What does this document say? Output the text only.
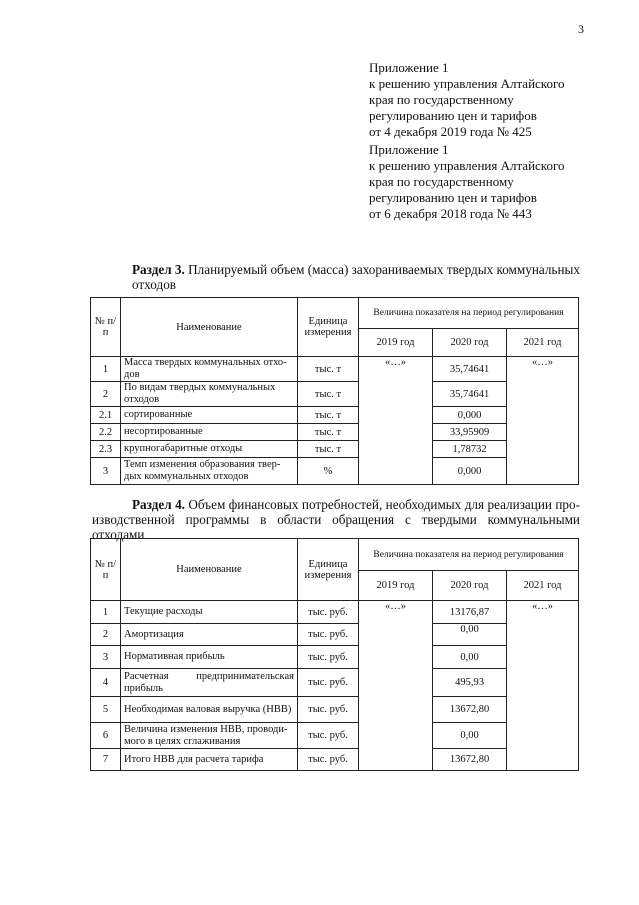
3
Приложение 1
к решению управления Алтайского
края по государственному
регулированию цен и тарифов
от 4 декабря 2019 года № 425
Приложение 1
к решению управления Алтайского
края по государственному
регулированию цен и тарифов
от 6 декабря 2018 года № 443
Раздел 3. Планируемый объем (масса) захораниваемых твердых коммунальных отходов
№ п/п	Наименование	Единица измерения	Величина показателя на период регулирования		
			2019 год	2020 год	2021 год
1	Масса твердых коммунальных отхо-дов	тыс. т	«…»	35,74641	«…»
2	По видам твердых коммунальных отходов	тыс. т		35,74641	
2.1	сортированные	тыс. т		0,000	
2.2	несортированные	тыс. т		33,95909	
2.3	крупногабаритные отходы	тыс. т		1,78732	
3	Темп изменения образования твер-дых коммунальных отходов	%		0,000	
Раздел 4. Объем финансовых потребностей, необходимых для реализации про-
изводственной программы в области обращения с твердыми коммунальными отходами
№ п/п	Наименование	Единица измерения	Величина показателя на период регулирования		
			2019 год	2020 год	2021 год
1	Текущие расходы	тыс. руб.	«…»	13176,87	«…»
2	Амортизация	тыс. руб.		0,00	
3	Нормативная прибыль	тыс. руб.		0,00	
4	Расчетная предпринимательская прибыль	тыс. руб.		495,93	
5	Необходимая валовая выручка (НВВ)	тыс. руб.		13672,80	
6	Величина изменения НВВ, проводи-мого в целях сглаживания	тыс. руб.		0,00	
7	Итого НВВ для расчета тарифа	тыс. руб.		13672,80	
